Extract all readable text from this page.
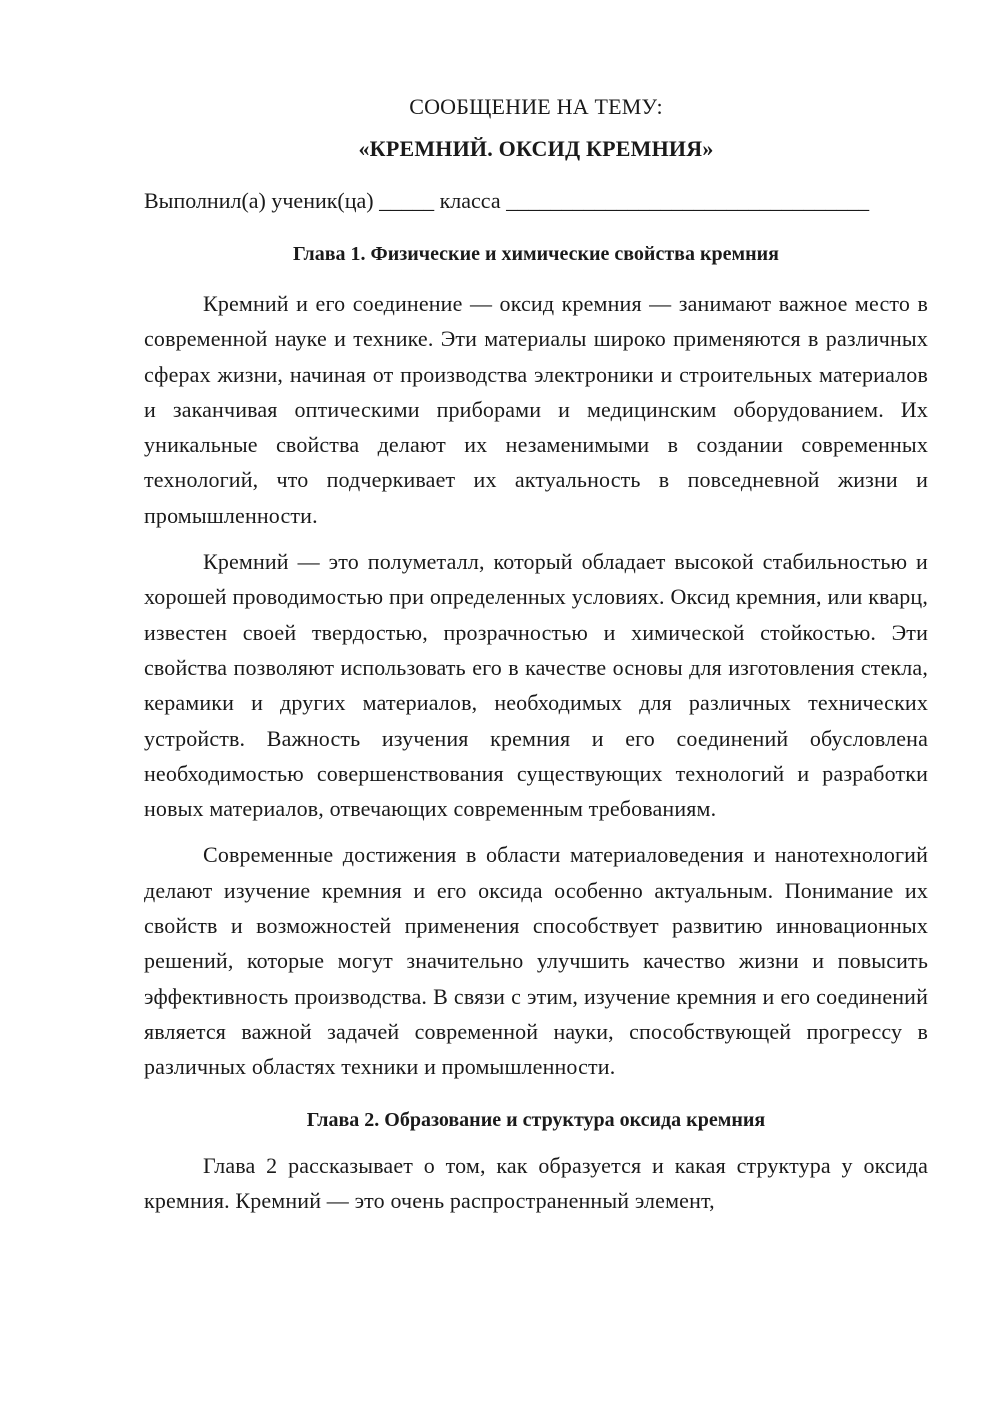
СООБЩЕНИЕ НА ТЕМУ:

«КРЕМНИЙ. ОКСИД КРЕМНИЯ»

Выполнил(а) ученик(ца) _____ класса _________________________________
Глава 1. Физические и химические свойства кремния

Кремний и его соединение — оксид кремния — занимают важное место в современной науке и технике. Эти материалы широко применяются в различных сферах жизни, начиная от производства электроники и строительных материалов и заканчивая оптическими приборами и медицинским оборудованием. Их уникальные свойства делают их незаменимыми в создании современных технологий, что подчеркивает их актуальность в повседневной жизни и промышленности.

Кремний — это полуметалл, который обладает высокой стабильностью и хорошей проводимостью при определенных условиях. Оксид кремния, или кварц, известен своей твердостью, прозрачностью и химической стойкостью. Эти свойства позволяют использовать его в качестве основы для изготовления стекла, керамики и других материалов, необходимых для различных технических устройств. Важность изучения кремния и его соединений обусловлена необходимостью совершенствования существующих технологий и разработки новых материалов, отвечающих современным требованиям.

Современные достижения в области материаловедения и нанотехнологий делают изучение кремния и его оксида особенно актуальным. Понимание их свойств и возможностей применения способствует развитию инновационных решений, которые могут значительно улучшить качество жизни и повысить эффективность производства. В связи с этим, изучение кремния и его соединений является важной задачей современной науки, способствующей прогрессу в различных областях техники и промышленности.

Глава 2. Образование и структура оксида кремния

Глава 2 рассказывает о том, как образуется и какая структура у оксида кремния. Кремний — это очень распространенный элемент,
